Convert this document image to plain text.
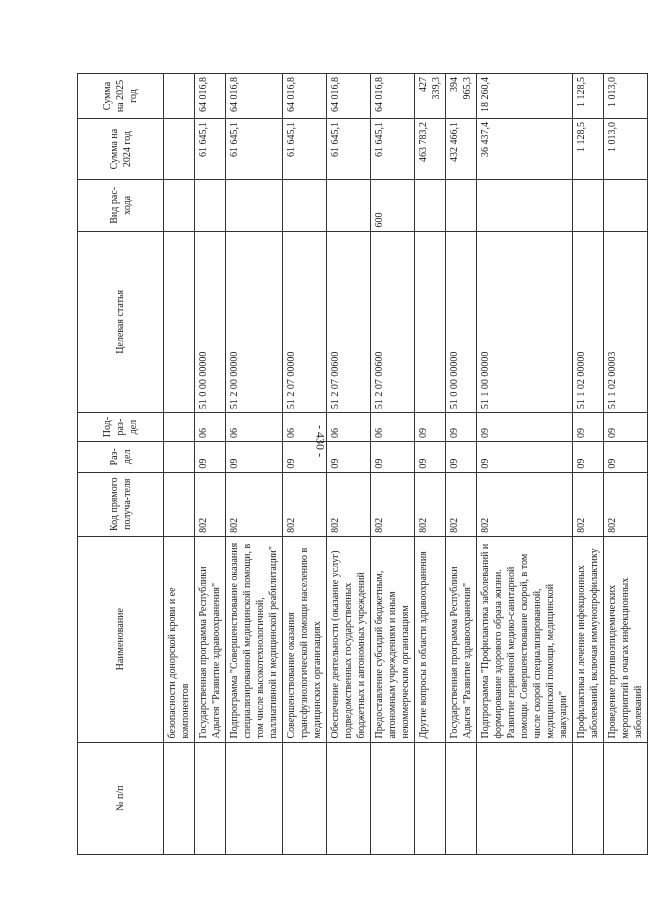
- 430 -
№ п/п	Наименование	Код прямого получа-теля	Раз-дел	Под-раз-дел	Целевая статья	Вид рас-хода	Сумма на 2024 год	Сумма на 2025 год
	безопасности донорской крови и ее компонентов							
	Государственная программа Республики Адыгея "Развитие здравоохранения"	802	09	06	51 0 00 00000		61 645,1	64 016,8
	Подпрограмма "Совершенствование оказания специализированной медицинской помощи, в том числе высокотехнологичной, паллиативной и медицинской реабилитации"	802	09	06	51 2 00 00000		61 645,1	64 016,8
	Совершенствование оказания трансфузиологической помощи населению в медицинских организациях	802	09	06	51 2 07 00000		61 645,1	64 016,8
	Обеспечение деятельности (оказание услуг) подведомственных государственных бюджетных и автономных учреждений	802	09	06	51 2 07 00600		61 645,1	64 016,8
	Предоставление субсидий бюджетным, автономным учреждениям и иным некоммерческим организациям	802	09	06	51 2 07 00600	600	61 645,1	64 016,8
	Другие вопросы в области здравоохранения	802	09	09			463 783,2	427 339,3
	Государственная программа Республики Адыгея "Развитие здравоохранения"	802	09	09	51 0 00 00000		432 466,1	394 965,3
	Подпрограмма "Профилактика заболеваний и формирование здорового образа жизни. Развитие первичной медико-санитарной помощи. Совершенствование скорой, в том числе скорой специализированной, медицинской помощи, медицинской эвакуации"	802	09	09	51 1 00 00000		36 437,4	18 260,4
	Профилактика и лечение инфекционных заболеваний, включая иммунопрофилактику	802	09	09	51 1 02 00000		1 128,5	1 128,5
	Проведение противоэпидемических мероприятий в очагах инфекционных заболеваний	802	09	09	51 1 02 00003		1 013,0	1 013,0
